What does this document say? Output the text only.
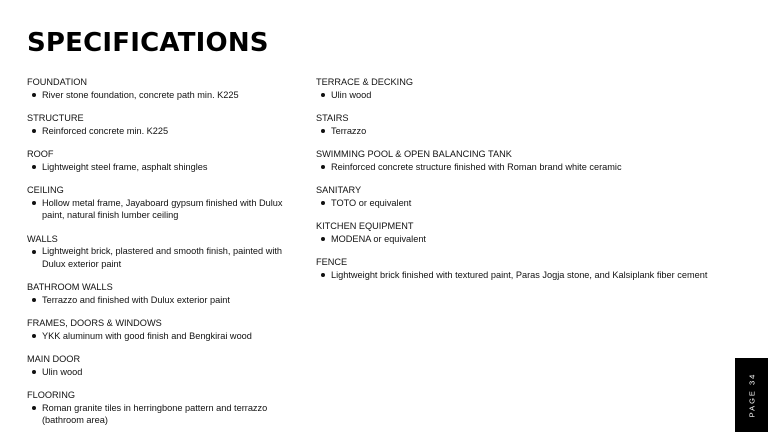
SPECIFICATIONS
FOUNDATION
River stone foundation, concrete path min. K225
STRUCTURE
Reinforced concrete min. K225
ROOF
Lightweight steel frame, asphalt shingles
CEILING
Hollow metal frame, Jayaboard gypsum finished with Dulux paint, natural finish lumber ceiling
WALLS
Lightweight brick, plastered and smooth finish, painted with Dulux exterior paint
BATHROOM WALLS
Terrazzo and finished with Dulux exterior paint
FRAMES, DOORS & WINDOWS
YKK aluminum with good finish and Bengkirai wood
MAIN DOOR
Ulin wood
FLOORING
Roman granite tiles in herringbone pattern and terrazzo (bathroom area)
TERRACE & DECKING
Ulin wood
STAIRS
Terrazzo
SWIMMING POOL & OPEN BALANCING TANK
Reinforced concrete structure finished with Roman brand white ceramic
SANITARY
TOTO or equivalent
KITCHEN EQUIPMENT
MODENA or equivalent
FENCE
Lightweight brick finished with textured paint, Paras Jogja stone, and Kalsiplank fiber cement
PAGE 34
